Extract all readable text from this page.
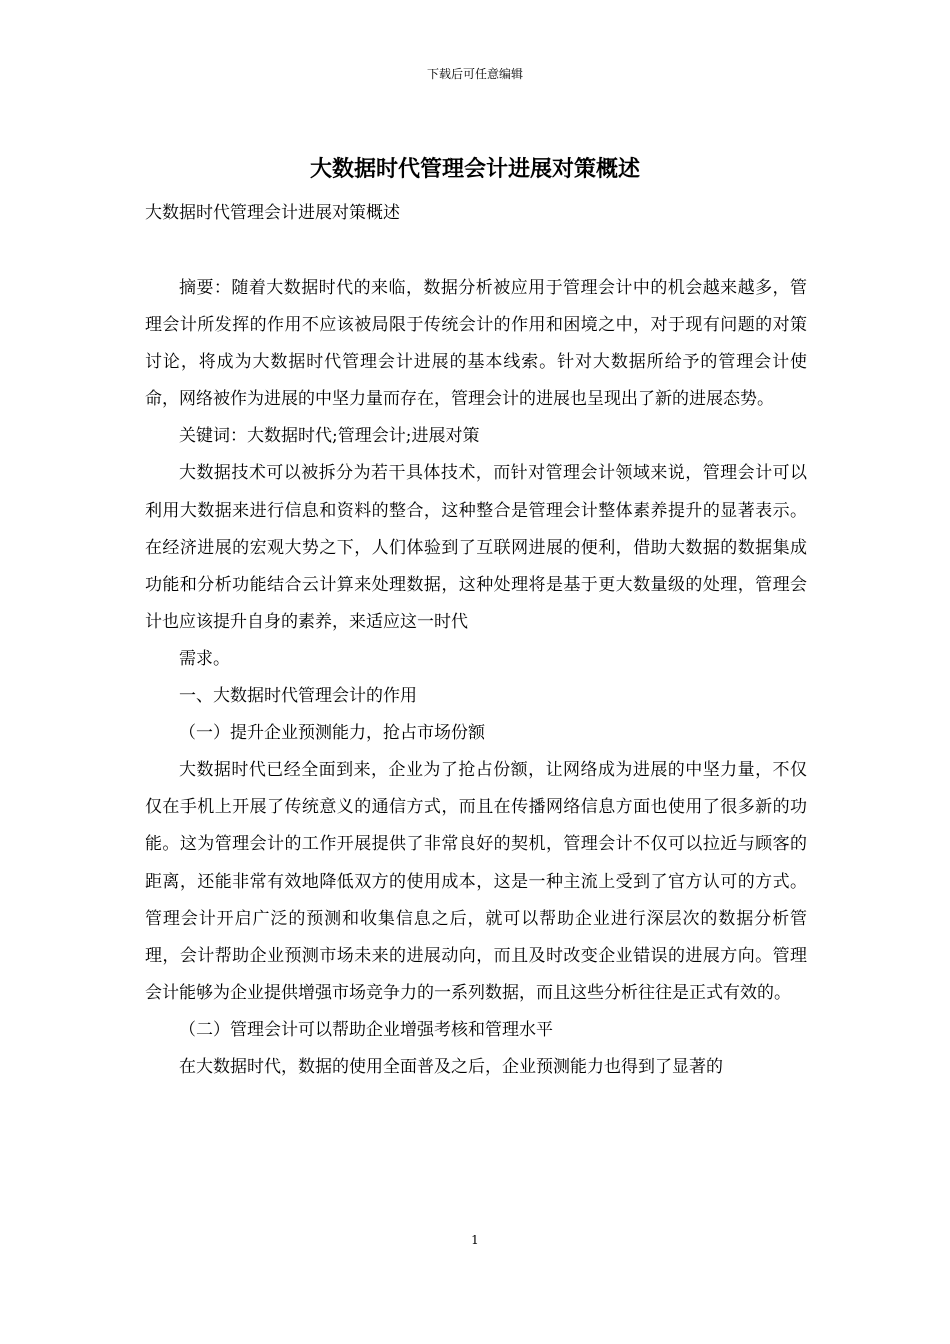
下载后可任意编辑
大数据时代管理会计进展对策概述
大数据时代管理会计进展对策概述

摘要：随着大数据时代的来临，数据分析被应用于管理会计中的机会越来越多，管理会计所发挥的作用不应该被局限于传统会计的作用和困境之中，对于现有问题的对策讨论，将成为大数据时代管理会计进展的基本线索。针对大数据所给予的管理会计使命，网络被作为进展的中坚力量而存在，管理会计的进展也呈现出了新的进展态势。

关键词：大数据时代;管理会计;进展对策

大数据技术可以被拆分为若干具体技术，而针对管理会计领域来说，管理会计可以利用大数据来进行信息和资料的整合，这种整合是管理会计整体素养提升的显著表示。在经济进展的宏观大势之下，人们体验到了互联网进展的便利，借助大数据的数据集成功能和分析功能结合云计算来处理数据，这种处理将是基于更大数量级的处理，管理会计也应该提升自身的素养，来适应这一时代

需求。

一、大数据时代管理会计的作用

（一）提升企业预测能力，抢占市场份额

大数据时代已经全面到来，企业为了抢占份额，让网络成为进展的中坚力量，不仅仅在手机上开展了传统意义的通信方式，而且在传播网络信息方面也使用了很多新的功能。这为管理会计的工作开展提供了非常良好的契机，管理会计不仅可以拉近与顾客的距离，还能非常有效地降低双方的使用成本，这是一种主流上受到了官方认可的方式。管理会计开启广泛的预测和收集信息之后，就可以帮助企业进行深层次的数据分析管理，会计帮助企业预测市场未来的进展动向，而且及时改变企业错误的进展方向。管理会计能够为企业提供增强市场竞争力的一系列数据，而且这些分析往往是正式有效的。

（二）管理会计可以帮助企业增强考核和管理水平

在大数据时代，数据的使用全面普及之后，企业预测能力也得到了显著的

1
